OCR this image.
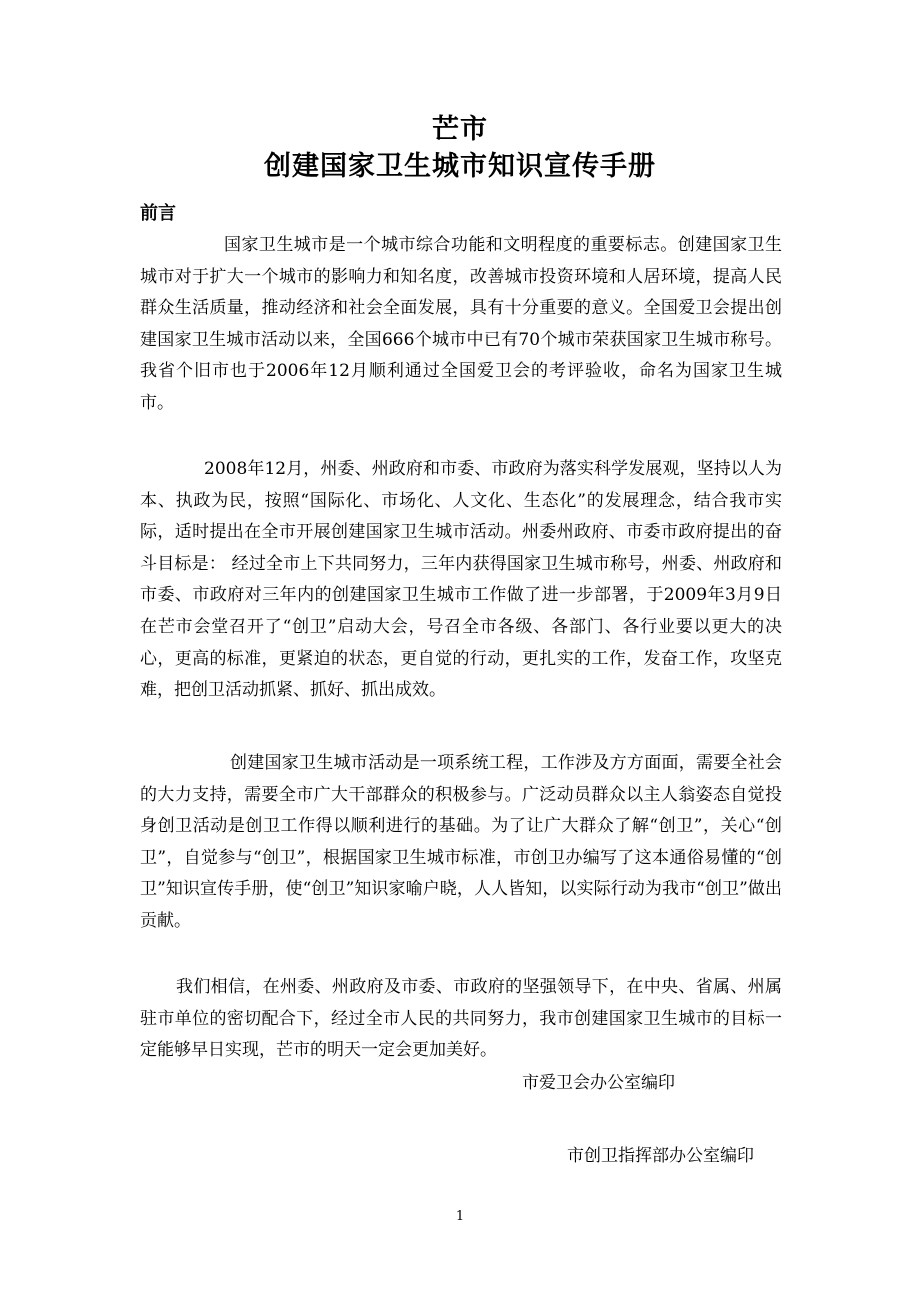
芒市
创建国家卫生城市知识宣传手册
前言

国家卫生城市是一个城市综合功能和文明程度的重要标志。创建国家卫生城市对于扩大一个城市的影响力和知名度，改善城市投资环境和人居环境，提高人民群众生活质量，推动经济和社会全面发展，具有十分重要的意义。全国爱卫会提出创建国家卫生城市活动以来，全国666个城市中已有70个城市荣获国家卫生城市称号。我省个旧市也于2006年12月顺利通过全国爱卫会的考评验收，命名为国家卫生城市。

2008年12月，州委、州政府和市委、市政府为落实科学发展观，坚持以人为本、执政为民，按照“国际化、市场化、人文化、生态化”的发展理念，结合我市实际，适时提出在全市开展创建国家卫生城市活动。州委州政府、市委市政府提出的奋斗目标是： 经过全市上下共同努力，三年内获得国家卫生城市称号，州委、州政府和市委、市政府对三年内的创建国家卫生城市工作做了进一步部署，于2009年3月9日在芒市会堂召开了“创卫”启动大会，号召全市各级、各部门、各行业要以更大的决心，更高的标准，更紧迫的状态，更自觉的行动，更扎实的工作，发奋工作，攻坚克难，把创卫活动抓紧、抓好、抓出成效。

创建国家卫生城市活动是一项系统工程，工作涉及方方面面，需要全社会的大力支持，需要全市广大干部群众的积极参与。广泛动员群众以主人翁姿态自觉投身创卫活动是创卫工作得以顺利进行的基础。为了让广大群众了解“创卫”，关心“创卫”，自觉参与“创卫”，根据国家卫生城市标准，市创卫办编写了这本通俗易懂的“创卫”知识宣传手册，使“创卫”知识家喻户晓，人人皆知，以实际行动为我市“创卫”做出贡献。

我们相信，在州委、州政府及市委、市政府的坚强领导下，在中央、省属、州属驻市单位的密切配合下，经过全市人民的共同努力，我市创建国家卫生城市的目标一定能够早日实现，芒市的明天一定会更加美好。

市爱卫会办公室编印
市创卫指挥部办公室编印
1
